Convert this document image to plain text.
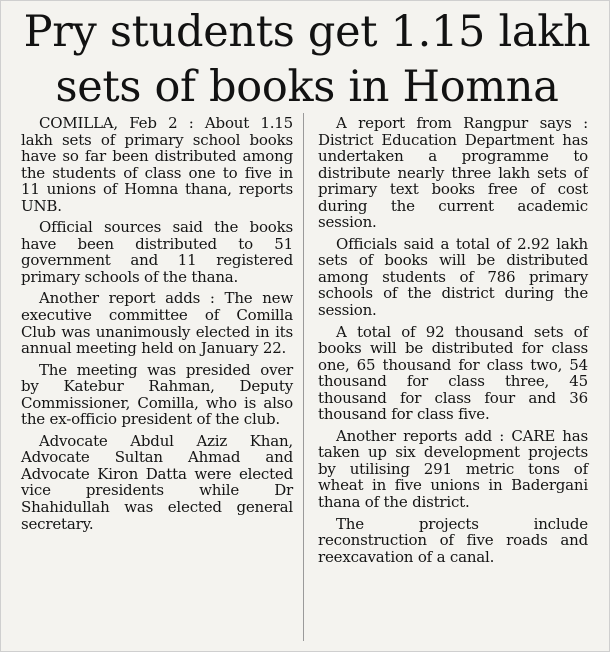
Pry students get 1.15 lakh
sets of books in Homna

COMILLA, Feb 2 : About 1.15 lakh sets of primary school books have so far been distributed among the students of class one to five in 11 unions of Homna thana, reports UNB.

Official sources said the books have been distributed to 51 government and 11 registered primary schools of the thana.

Another report adds : The new executive committee of Comilla Club was unanimously elected in its annual meeting held on January 22.

The meeting was presided over by Katebur Rahman, Deputy Commissioner, Comilla, who is also the ex-officio president of the club.

Advocate Abdul Aziz Khan, Advocate Sultan Ahmad and Advocate Kiron Datta were elected vice presidents while Dr Shahidullah was elected general secretary.

A report from Rangpur says : District Education Department has undertaken a programme to distribute nearly three lakh sets of primary text books free of cost during the current academic session.

Officials said a total of 2.92 lakh sets of books will be distributed among students of 786 primary schools of the district during the session.

A total of 92 thousand sets of books will be distributed for class one, 65 thousand for class two, 54 thousand for class three, 45 thousand for class four and 36 thousand for class five.

Another reports add : CARE has taken up six development projects by utilising 291 metric tons of wheat in five unions in Badergani thana of the district.

The projects include reconstruction of five roads and reexcavation of a canal.
